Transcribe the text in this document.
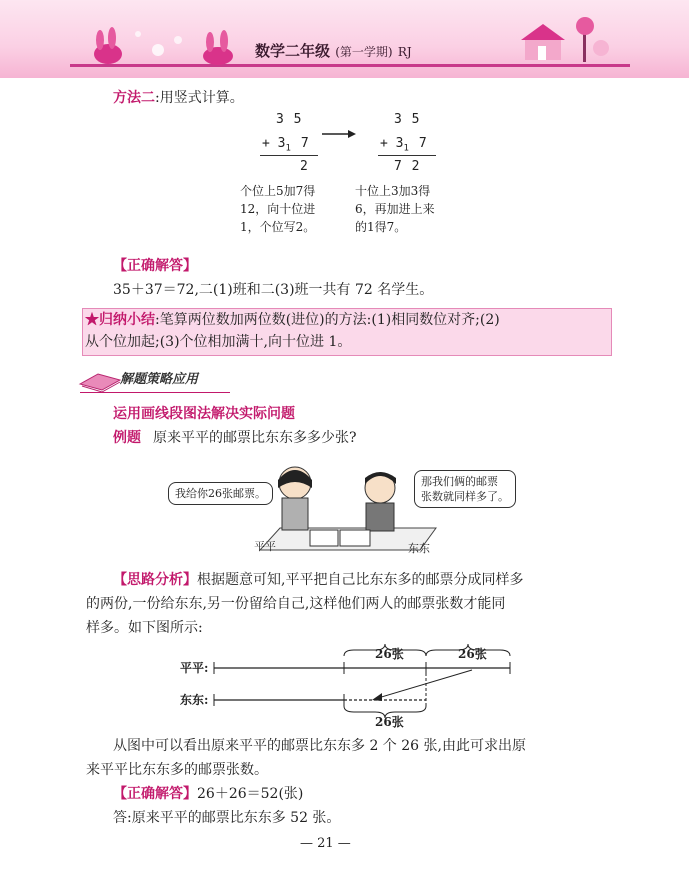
数学二年级 (第一学期) RJ
方法二:用竖式计算。
3 5
+ $3_1$ 7
2
3 5
+ $3_1$ 7
7 2
个位上5加7得
12，向十位进
1，个位写2。
十位上3加3得
6，再加进上来
的1得7。
【正确解答】
35＋37＝72,二(1)班和二(3)班一共有 72 名学生。
★归纳小结:笔算两位数加两位数(进位)的方法:(1)相同数位对齐;(2)
从个位加起;(3)个位相加满十,向十位进 1。
解题策略应用
运用画线段图法解决实际问题
例题 原来平平的邮票比东东多多少张?
我给你26张邮票。
那我们俩的邮票
张数就同样多了。
平平	东东
【思路分析】根据题意可知,平平把自己比东东多的邮票分成同样多
的两份,一份给东东,另一份留给自己,这样他们两人的邮票张数才能同
样多。如下图所示:
平平:
东东:
26张	26张
26张
从图中可以看出原来平平的邮票比东东多 2 个 26 张,由此可求出原
来平平比东东多的邮票张数。
【正确解答】26＋26＝52(张)
答:原来平平的邮票比东东多 52 张。
— 21 —
